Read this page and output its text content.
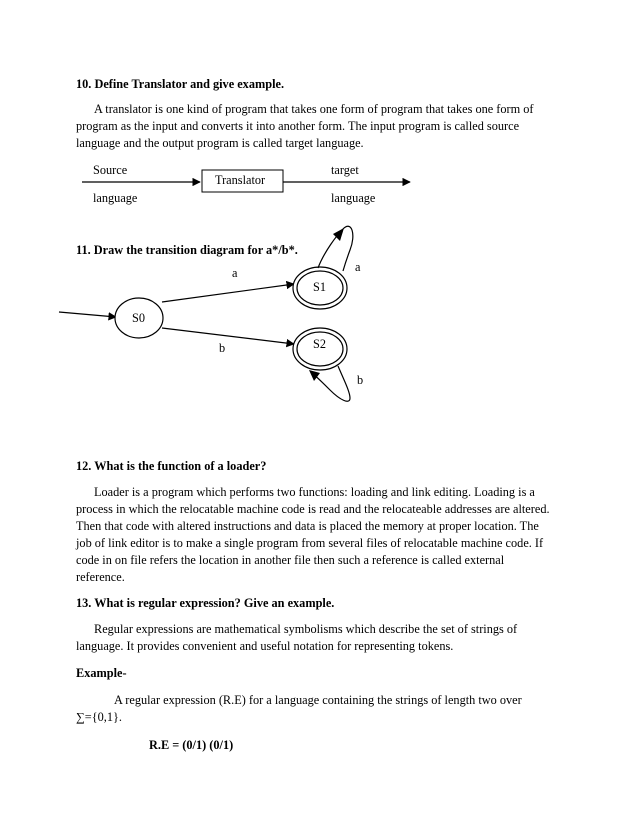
10. Define Translator and give example.
A translator is one kind of program that takes one form of program that takes one form of
program as the input and converts it into another form. The input program is called source
language and the output program is called target language.
Source
language
Translator
target
language
11. Draw the transition diagram for a*/b*.
a	a
S1
S0
b	S2
b
12. What is the function of a loader?
Loader is a program which performs two functions: loading and link editing. Loading is a
process in which the relocatable machine code is read and the relocateable addresses are altered.
Then that code with altered instructions and data is placed the memory at proper location. The
job of link editor is to make a single program from several files of relocatable machine code. If
code in on file refers the location in another file then such a reference is called external
reference.
13. What is regular expression? Give an example.
Regular expressions are mathematical symbolisms which describe the set of strings of
language. It provides convenient and useful notation for representing tokens.
Example-
A regular expression (R.E) for a language containing the strings of length two over
∑={0,1}.
R.E = (0/1) (0/1)
